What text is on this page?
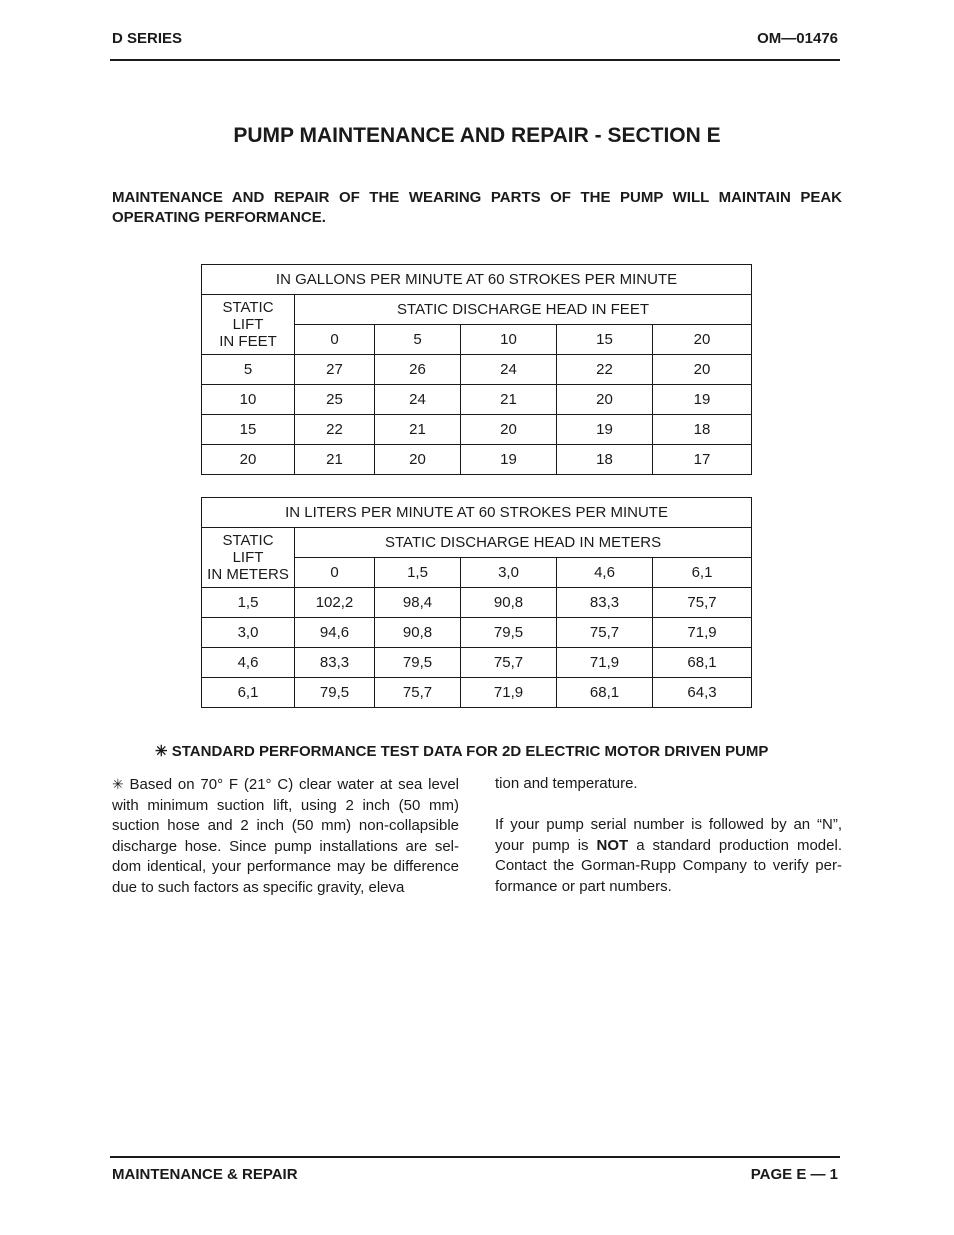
D SERIES	OM—01476
PUMP MAINTENANCE AND REPAIR - SECTION E
MAINTENANCE AND REPAIR OF THE WEARING PARTS OF THE PUMP WILL MAINTAIN PEAK OPERATING PERFORMANCE.
IN GALLONS PER MINUTE AT 60 STROKES PER MINUTE					

STATIC
LIFT
IN FEET	STATIC DISCHARGE HEAD IN FEET				
	0	5	10	15	20
5	27	26	24	22	20
10	25	24	21	20	19
15	22	21	20	19	18
20	21	20	19	18	17
IN LITERS PER MINUTE AT 60 STROKES PER MINUTE					

STATIC
LIFT
IN METERS	STATIC DISCHARGE HEAD IN METERS				
	0	1,5	3,0	4,6	6,1
1,5	102,2	98,4	90,8	83,3	75,7
3,0	94,6	90,8	79,5	75,7	71,9
4,6	83,3	79,5	75,7	71,9	68,1
6,1	79,5	75,7	71,9	68,1	64,3
✳ STANDARD PERFORMANCE TEST DATA FOR 2D ELECTRIC MOTOR DRIVEN PUMP
✳ Based on 70° F (21° C) clear water at sea level with minimum suction lift, using 2 inch (50 mm) suction hose and 2 inch (50 mm) non-collapsible discharge hose. Since pump installations are seldom identical, your performance may be difference due to such factors as specific gravity, eleva
tion and temperature.
If your pump serial number is followed by an “N”, your pump is NOT a standard production model. Contact the Gorman-Rupp Company to verify performance or part numbers.
MAINTENANCE & REPAIR	PAGE E — 1
